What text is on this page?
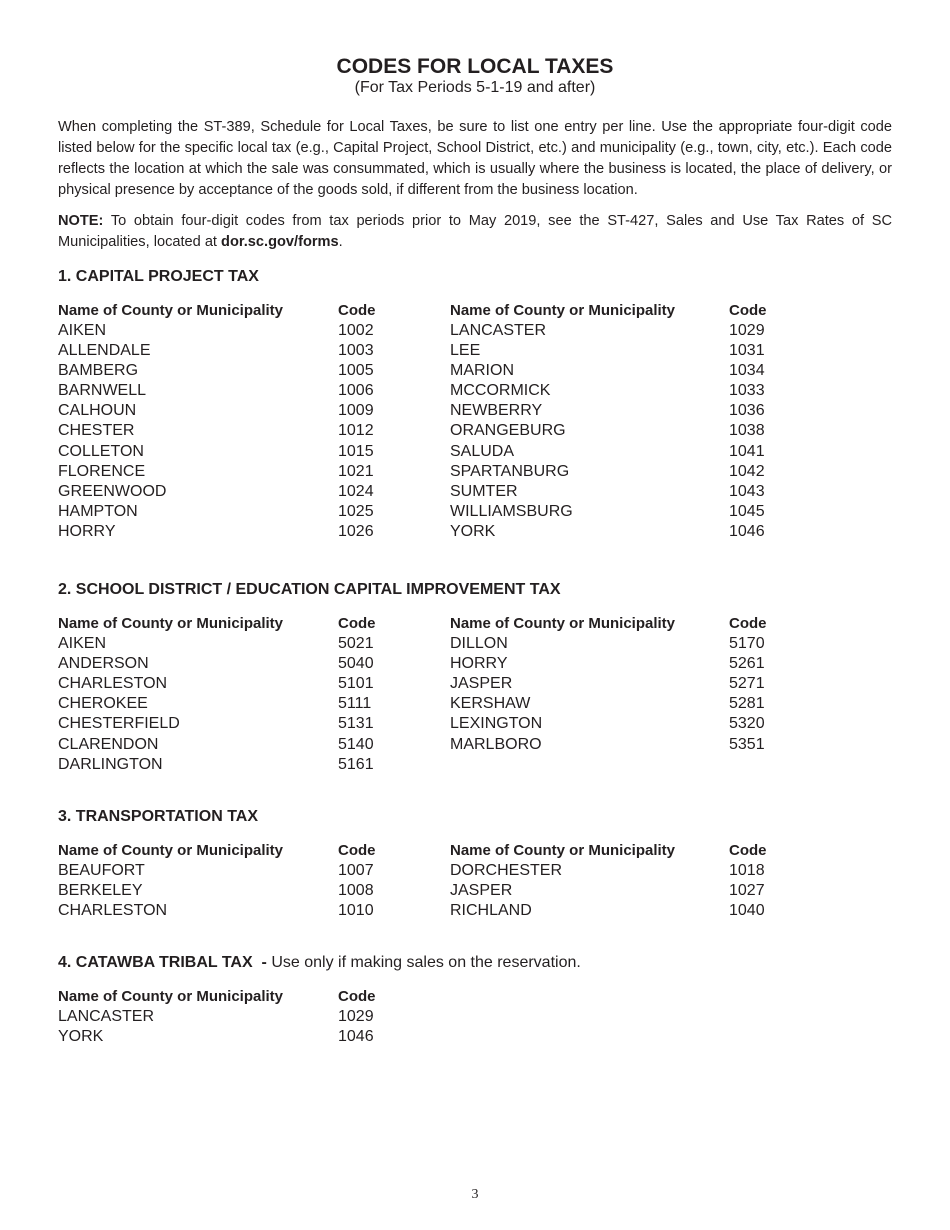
CODES FOR LOCAL TAXES

(For Tax Periods 5-1-19 and after)

When completing the ST-389, Schedule for Local Taxes, be sure to list one entry per line. Use the appropriate four-digit code listed below for the specific local tax (e.g., Capital Project, School District, etc.) and municipality (e.g., town, city, etc.). Each code reflects the location at which the sale was consummated, which is usually where the business is located, the place of delivery, or physical presence by acceptance of the goods sold, if different from the business location.

NOTE: To obtain four-digit codes from tax periods prior to May 2019, see the ST-427, Sales and Use Tax Rates of SC Municipalities, located at dor.sc.gov/forms.

1. CAPITAL PROJECT TAX
Name of County or Municipality
AIKEN
ALLENDALE
BAMBERG
BARNWELL
CALHOUN
CHESTER
COLLETON
FLORENCE
GREENWOOD
HAMPTON
HORRY
Code
1002
1003
1005
1006
1009
1012
1015
1021
1024
1025
1026
Name of County or Municipality
LANCASTER
LEE
MARION
MCCORMICK
NEWBERRY
ORANGEBURG
SALUDA
SPARTANBURG
SUMTER
WILLIAMSBURG
YORK
Code
1029
1031
1034
1033
1036
1038
1041
1042
1043
1045
1046
2. SCHOOL DISTRICT / EDUCATION CAPITAL IMPROVEMENT TAX
Name of County or Municipality
AIKEN
ANDERSON
CHARLESTON
CHEROKEE
CHESTERFIELD
CLARENDON
DARLINGTON
Code
5021
5040
5101
5111
5131
5140
5161
Name of County or Municipality
DILLON
HORRY
JASPER
KERSHAW
LEXINGTON
MARLBORO
Code
5170
5261
5271
5281
5320
5351
3. TRANSPORTATION TAX
Name of County or Municipality
BEAUFORT
BERKELEY
CHARLESTON
Code
1007
1008
1010
Name of County or Municipality
DORCHESTER
JASPER
RICHLAND
Code
1018
1027
1040
4. CATAWBA TRIBAL TAX  - Use only if making sales on the reservation.
Name of County or Municipality
LANCASTER
YORK
Code
1029
1046
3
